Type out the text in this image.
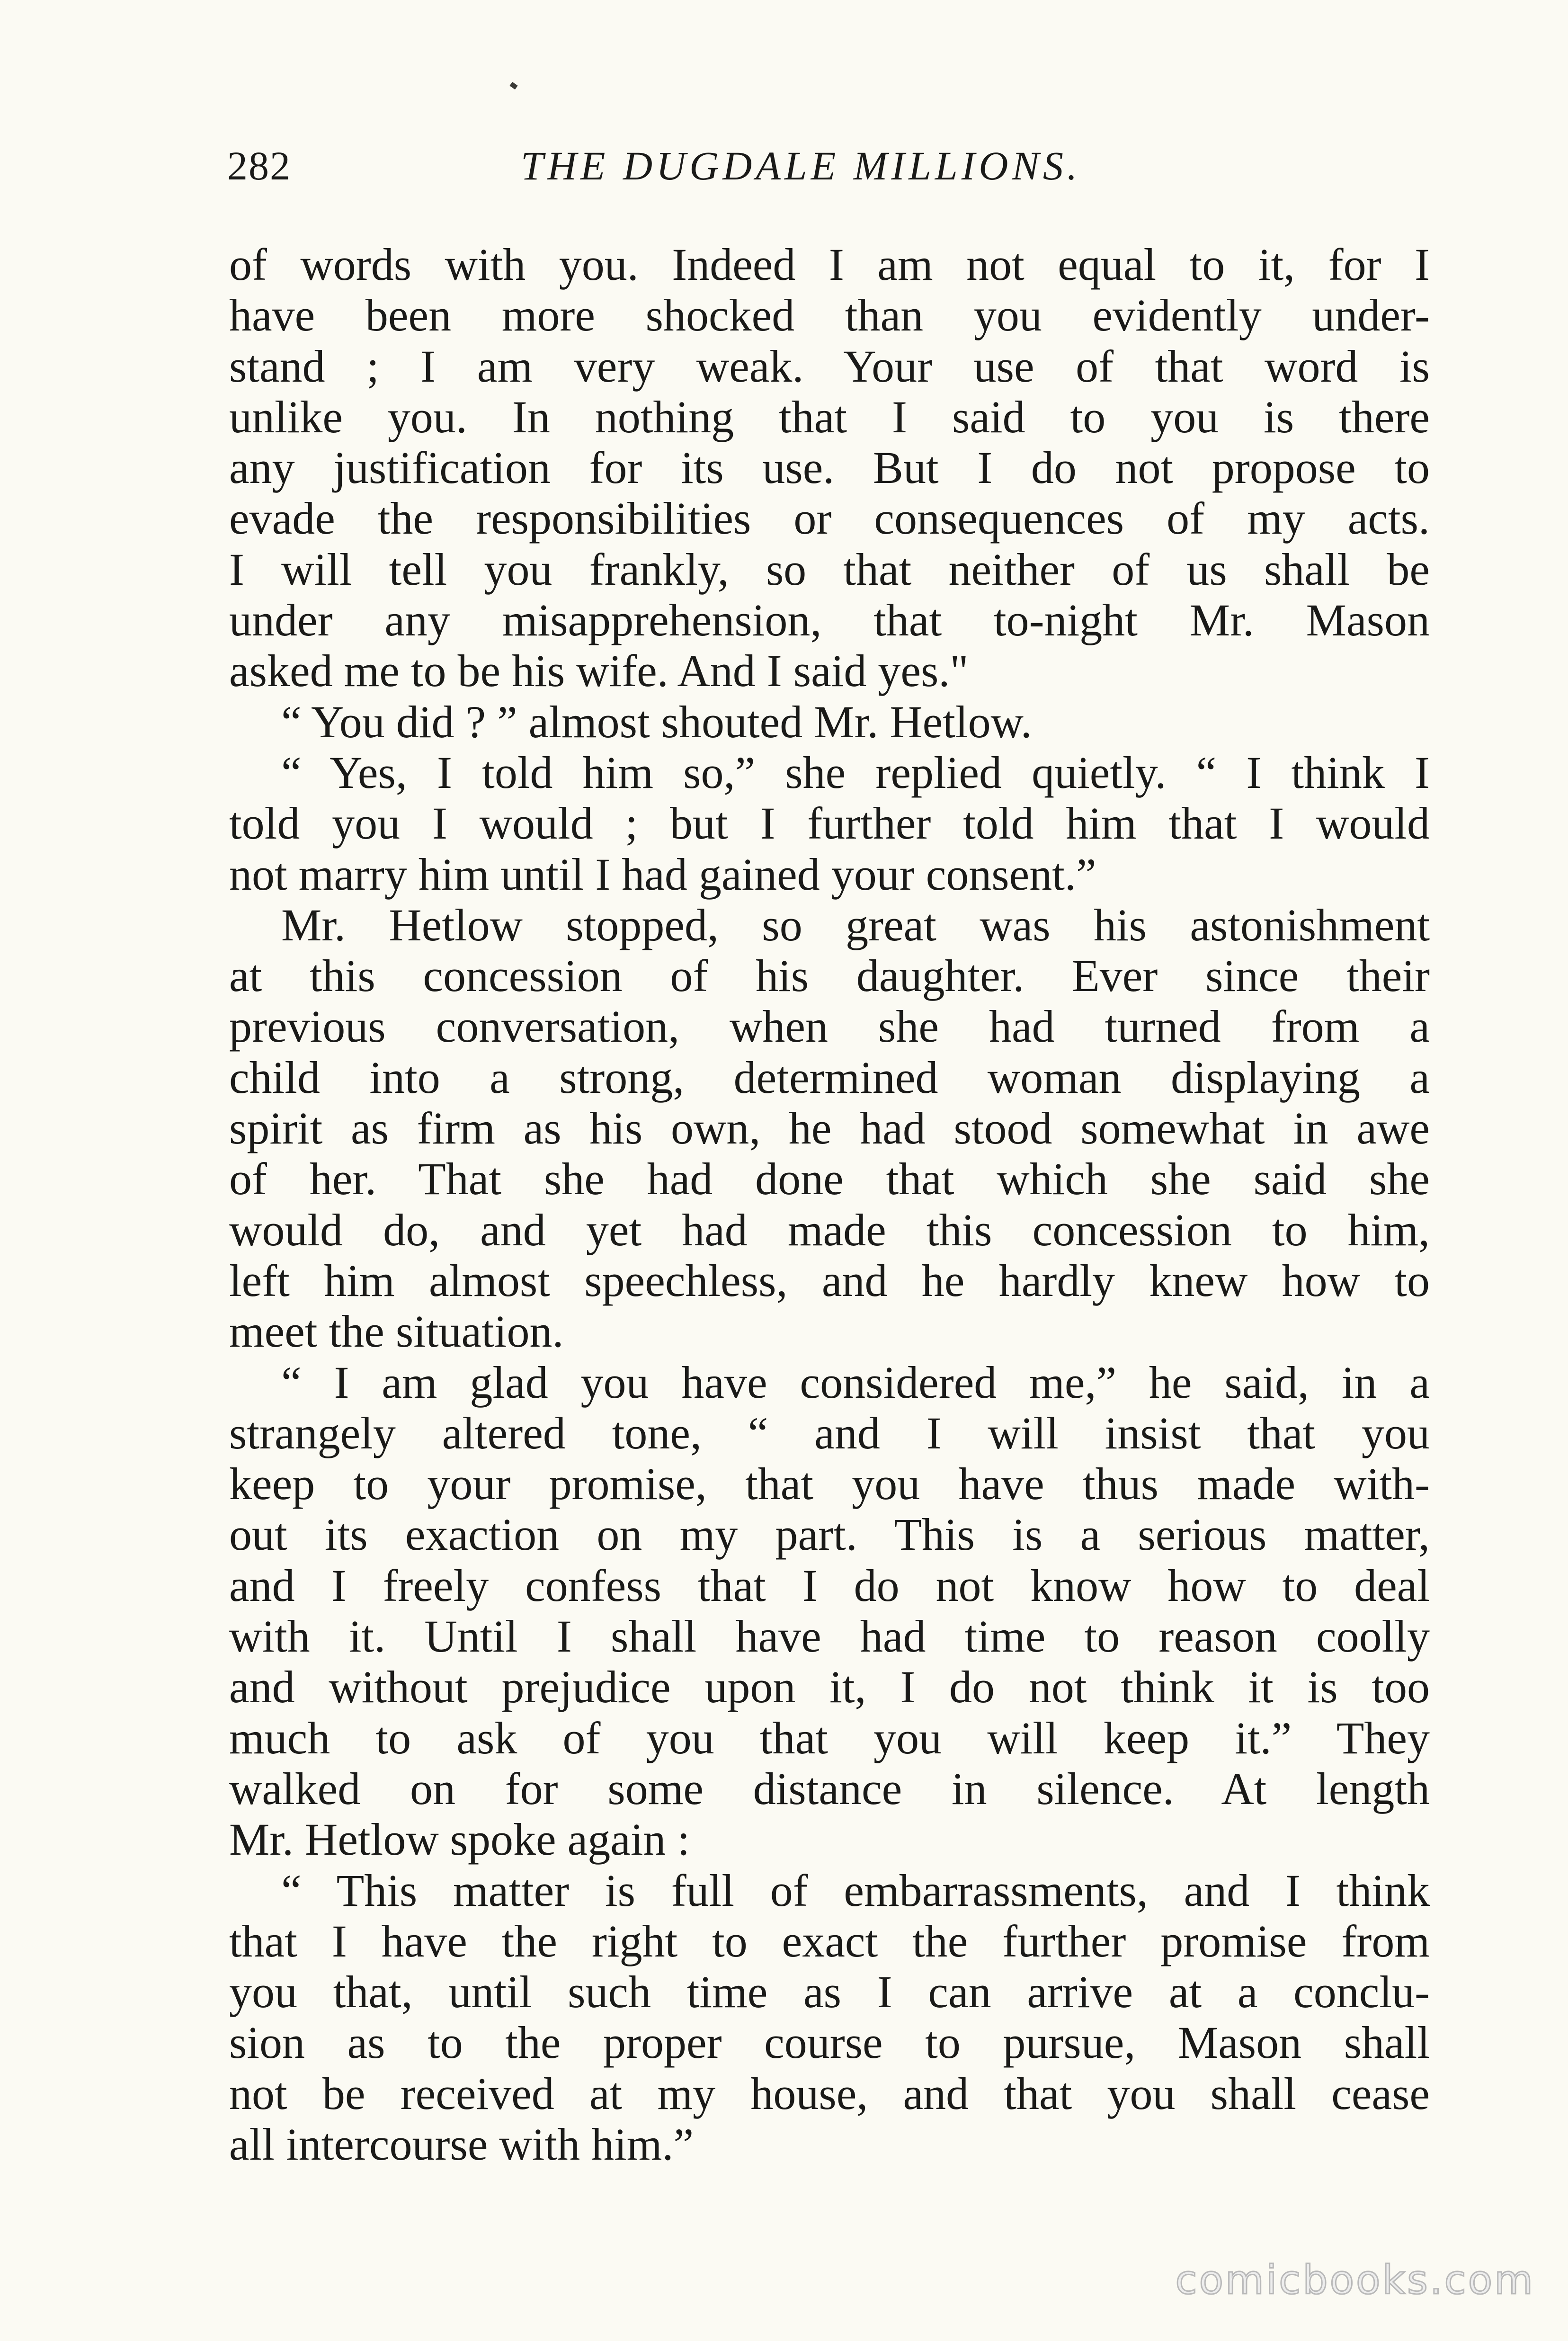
282	THE DUGDALE MILLIONS.
of words with you. Indeed I am not equal to it, for I
have been more shocked than you evidently under-
stand ; I am very weak. Your use of that word is
unlike you. In nothing that I said to you is there
any justification for its use. But I do not propose to
evade the responsibilities or consequences of my acts.
I will tell you frankly, so that neither of us shall be
under any misapprehension, that to-night Mr. Mason
asked me to be his wife. And I said yes."
“ You did ? ” almost shouted Mr. Hetlow.
“ Yes, I told him so,” she replied quietly. “ I think I
told you I would ; but I further told him that I would
not marry him until I had gained your consent.”
Mr. Hetlow stopped, so great was his astonishment
at this concession of his daughter. Ever since their
previous conversation, when she had turned from a
child into a strong, determined woman displaying a
spirit as firm as his own, he had stood somewhat in awe
of her. That she had done that which she said she
would do, and yet had made this concession to him,
left him almost speechless, and he hardly knew how to
meet the situation.
“ I am glad you have considered me,” he said, in a
strangely altered tone, “ and I will insist that you
keep to your promise, that you have thus made with-
out its exaction on my part. This is a serious matter,
and I freely confess that I do not know how to deal
with it. Until I shall have had time to reason coolly
and without prejudice upon it, I do not think it is too
much to ask of you that you will keep it.” They
walked on for some distance in silence. At length
Mr. Hetlow spoke again :
“ This matter is full of embarrassments, and I think
that I have the right to exact the further promise from
you that, until such time as I can arrive at a conclu-
sion as to the proper course to pursue, Mason shall
not be received at my house, and that you shall cease
all intercourse with him.”
comicbooks.com
